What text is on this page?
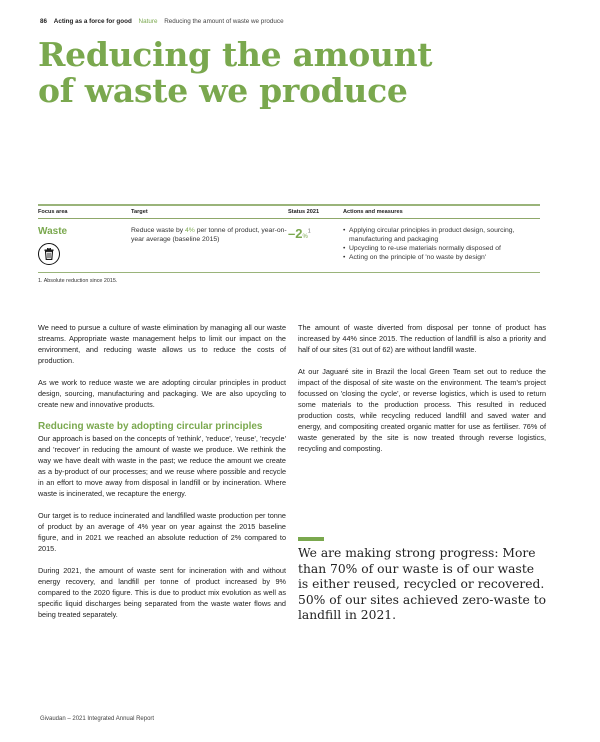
86 Acting as a force for good Nature Reducing the amount of waste we produce
Reducing the amount
of waste we produce
Focus area	Target	Status 2021	Actions and measures
Waste	Reduce waste by 4% per tonne of product, year-on-year average (baseline 2015)	–2%$^1$	• Applying circular principles in product design, sourcing, manufacturing and packaging
• Upcycling to re-use materials normally disposed of
• Acting on the principle of 'no waste by design'
1. Absolute reduction since 2015.

We need to pursue a culture of waste elimination by managing all our waste streams. Appropriate waste management helps to limit our impact on the environment, and reducing waste allows us to reduce the costs of production.

As we work to reduce waste we are adopting circular principles in product design, sourcing, manufacturing and packaging. We are also upcycling to create new and innovative products.

Reducing waste by adopting circular principles

Our approach is based on the concepts of 'rethink', 'reduce', 'reuse', 'recycle' and 'recover' in reducing the amount of waste we produce. We rethink the way we have dealt with waste in the past; we reduce the amount we create as a by-product of our processes; and we reuse where possible and recycle in an effort to move away from disposal in landfill or by incineration. Where waste is incinerated, we recapture the energy.

Our target is to reduce incinerated and landfilled waste production per tonne of product by an average of 4% year on year against the 2015 baseline figure, and in 2021 we reached an absolute reduction of 2% compared to 2015.

During 2021, the amount of waste sent for incineration with and without energy recovery, and landfill per tonne of product increased by 9% compared to the 2020 figure. This is due to product mix evolution as well as specific liquid discharges being separated from the waste water flows and being treated separately.

The amount of waste diverted from disposal per tonne of product has increased by 44% since 2015. The reduction of landfill is also a priority and half of our sites (31 out of 62) are without landfill waste.

At our Jaguaré site in Brazil the local Green Team set out to reduce the impact of the disposal of site waste on the environment. The team's project focussed on 'closing the cycle', or reverse logistics, which is used to return some materials to the production process. This resulted in reduced production costs, while recycling reduced landfill and saved water and energy, and compositing created organic matter for use as fertiliser. 76% of waste generated by the site is now treated through reverse logistics, recycling and composting.

We are making strong progress: More than 70% of our waste is of our waste is either reused, recycled or recovered. 50% of our sites achieved zero-waste to landfill in 2021.

Givaudan – 2021 Integrated Annual Report
